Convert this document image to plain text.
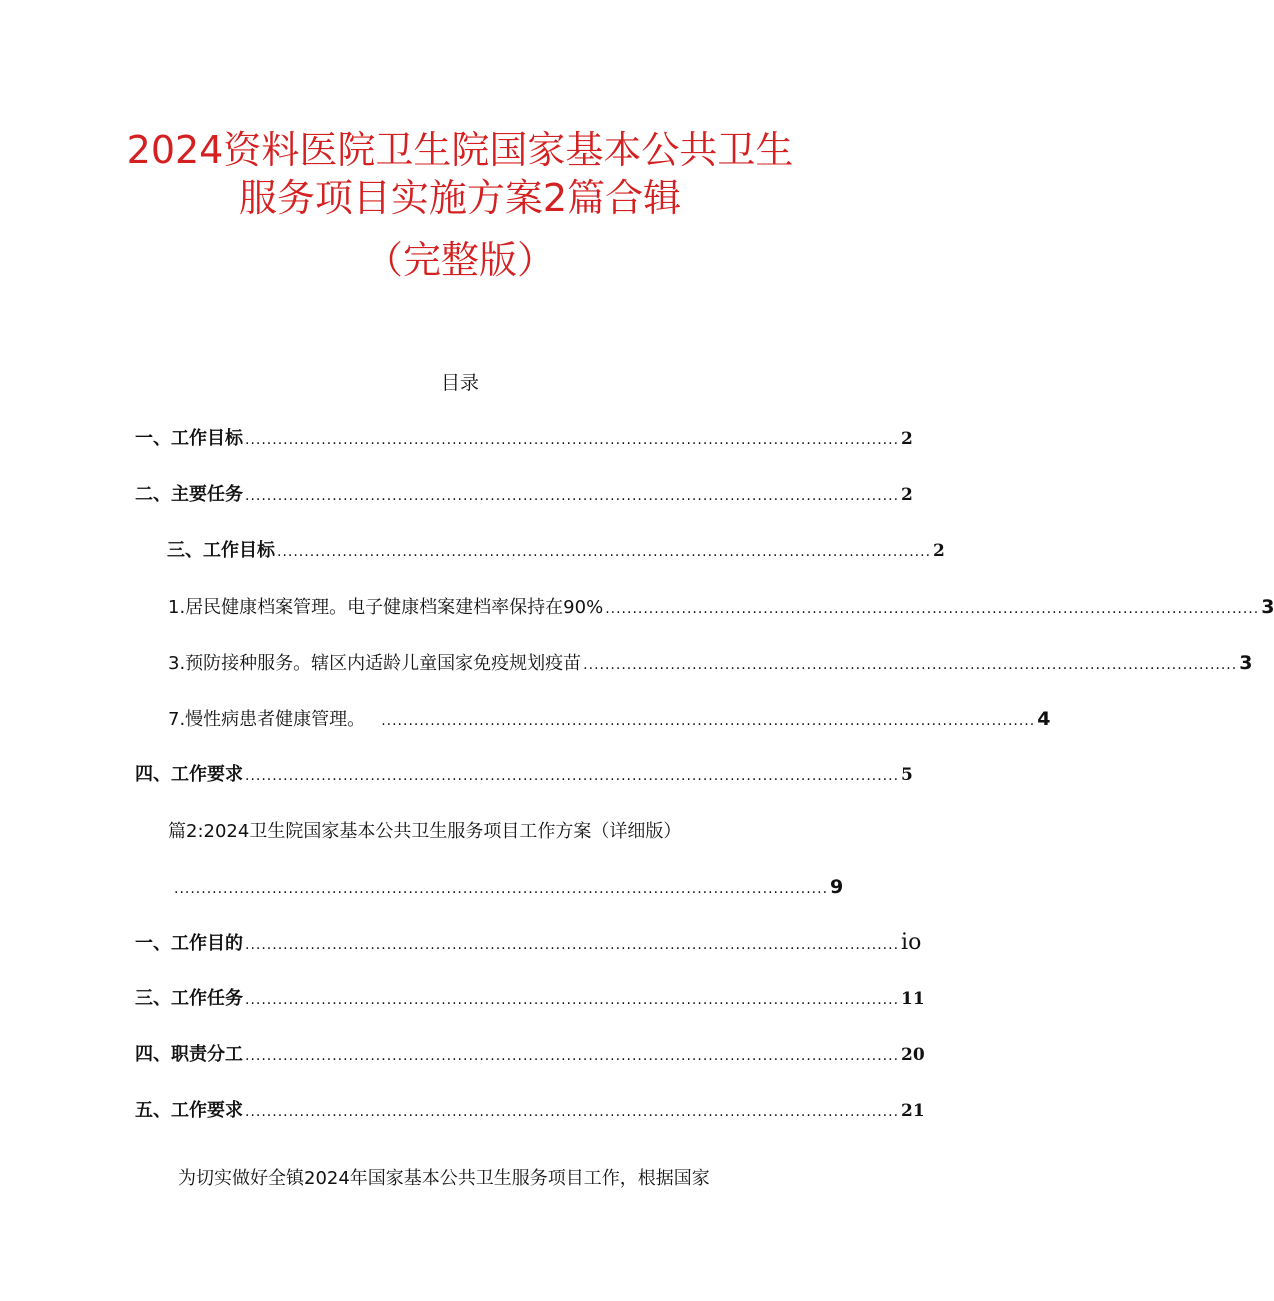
2024资料医院卫生院国家基本公共卫生
服务项目实施方案2篇合辑
（完整版）
目录
一、工作目标 ........................................................................................................................ 2
二、主要任务 ........................................................................................................................ 2
三、工作目标 ........................................................................................................................ 2
1.居民健康档案管理。电子健康档案建档率保持在90% ........................................................................................................................ 3
3.预防接种服务。辖区内适龄儿童国家免疫规划疫苗 ........................................................................................................................ 3
7.慢性病患者健康管理。 ........................................................................................................................ 4
四、工作要求 ........................................................................................................................ 5
篇2:2024卫生院国家基本公共卫生服务项目工作方案（详细版）
........................................................................................................................ 9
一、工作目的 ........................................................................................................................ io
三、工作任务 ........................................................................................................................ 11
四、职责分工 ........................................................................................................................ 20
五、工作要求 ........................................................................................................................ 21
为切实做好全镇2024年国家基本公共卫生服务项目工作，根据国家
